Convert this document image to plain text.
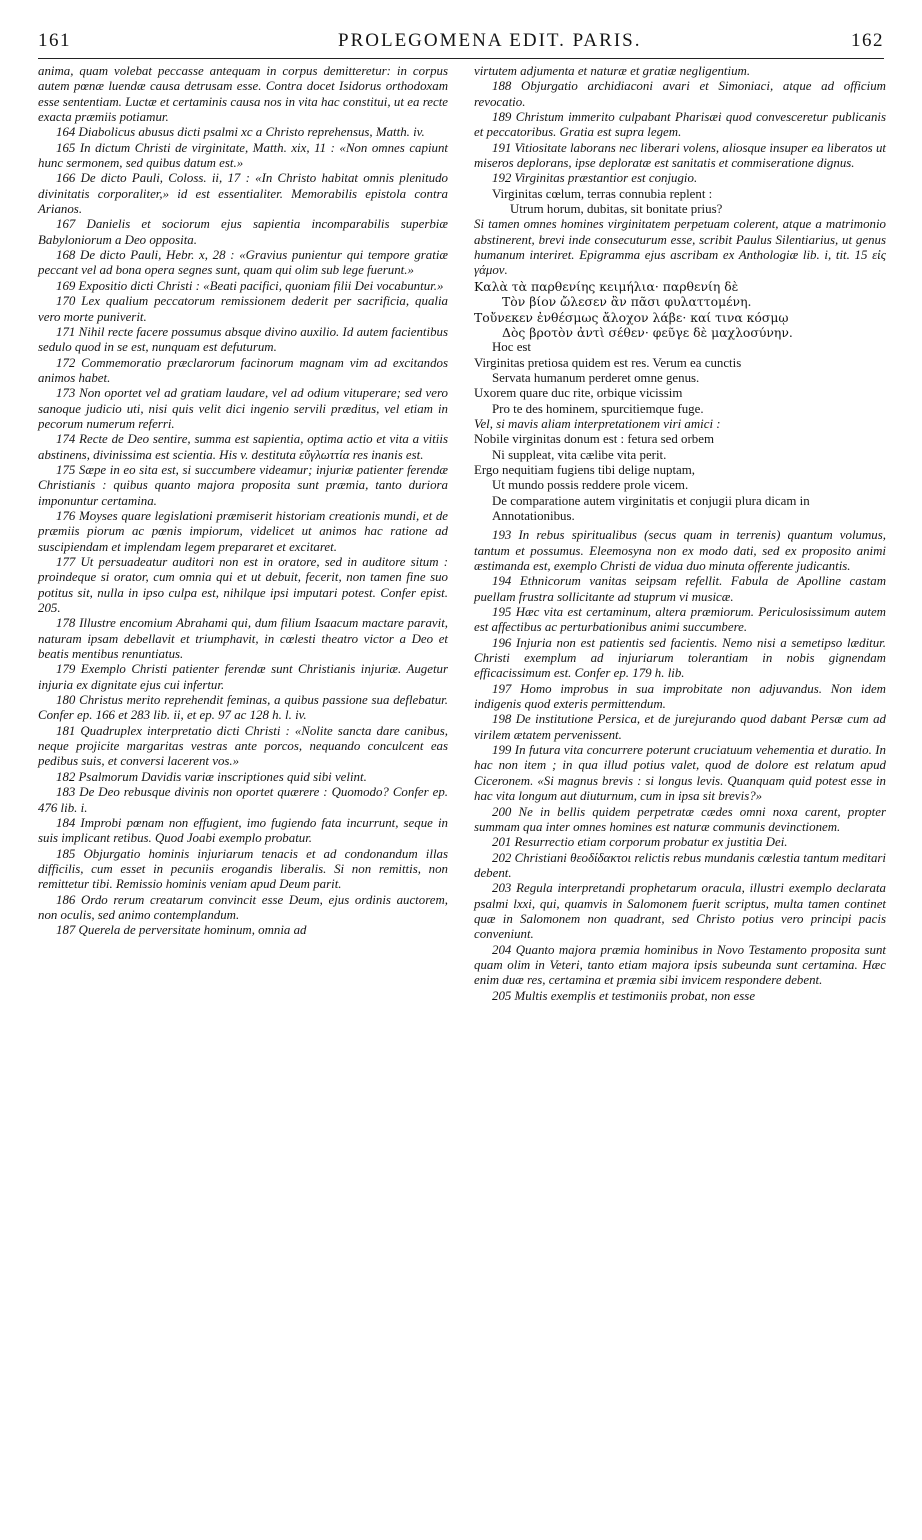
161	PROLEGOMENA EDIT. PARIS.	162

anima, quam volebat peccasse antequam in corpus demitteretur: in corpus autem pœnæ luendæ causa detrusam esse. Contra docet Isidorus orthodoxam esse sententiam. Luctæ et certaminis causa nos in vita hac constitui, ut ea recte exacta præmiis potiamur.

164 Diabolicus abusus dicti psalmi xc a Christo reprehensus, Matth. iv.

165 In dictum Christi de virginitate, Matth. xix, 11 : «Non omnes capiunt hunc sermonem, sed quibus datum est.»

166 De dicto Pauli, Coloss. ii, 17 : «In Christo habitat omnis plenitudo divinitatis corporaliter,» id est essentialiter. Memorabilis epistola contra Arianos.

167 Danielis et sociorum ejus sapientia incomparabilis superbiæ Babyloniorum a Deo opposita.

168 De dicto Pauli, Hebr. x, 28 : «Gravius punientur qui tempore gratiæ peccant vel ad bona opera segnes sunt, quam qui olim sub lege fuerunt.»

169 Expositio dicti Christi : «Beati pacifici, quoniam filii Dei vocabuntur.»

170 Lex qualium peccatorum remissionem dederit per sacrificia, qualia vero morte puniverit.

171 Nihil recte facere possumus absque divino auxilio. Id autem facientibus sedulo quod in se est, nunquam est defuturum.

172 Commemoratio præclarorum facinorum magnam vim ad excitandos animos habet.

173 Non oportet vel ad gratiam laudare, vel ad odium vituperare; sed vero sanoque judicio uti, nisi quis velit dici ingenio servili præditus, vel etiam in pecorum numerum referri.

174 Recte de Deo sentire, summa est sapientia, optima actio et vita a vitiis abstinens, divinissima est scientia. His v. destituta εὔγλωττία res inanis est.

175 Sæpe in eo sita est, si succumbere videamur; injuriæ patienter ferendæ Christianis : quibus quanto majora proposita sunt præmia, tanto duriora imponuntur certamina.

176 Moyses quare legislationi præmiserit historiam creationis mundi, et de præmiis piorum ac pœnis impiorum, videlicet ut animos hac ratione ad suscipiendam et implendam legem prepararet et excitaret.

177 Ut persuadeatur auditori non est in oratore, sed in auditore situm : proindeque si orator, cum omnia qui et ut debuit, fecerit, non tamen fine suo potitus sit, nulla in ipso culpa est, nihilque ipsi imputari potest. Confer epist. 205.

178 Illustre encomium Abrahami qui, dum filium Isaacum mactare paravit, naturam ipsam debellavit et triumphavit, in cœlesti theatro victor a Deo et beatis mentibus renuntiatus.

179 Exemplo Christi patienter ferendæ sunt Christianis injuriæ. Augetur injuria ex dignitate ejus cui infertur.

180 Christus merito reprehendit feminas, a quibus passione sua deflebatur. Confer ep. 166 et 283 lib. ii, et ep. 97 ac 128 h. l. iv.

181 Quadruplex interpretatio dicti Christi : «Nolite sancta dare canibus, neque projicite margaritas vestras ante porcos, nequando conculcent eas pedibus suis, et conversi lacerent vos.»

182 Psalmorum Davidis variæ inscriptiones quid sibi velint.

183 De Deo rebusque divinis non oportet quærere : Quomodo? Confer ep. 476 lib. i.

184 Improbi pœnam non effugient, imo fugiendo fata incurrunt, seque in suis implicant retibus. Quod Joabi exemplo probatur.

185 Objurgatio hominis injuriarum tenacis et ad condonandum illas difficilis, cum esset in pecuniis erogandis liberalis. Si non remittis, non remittetur tibi. Remissio hominis veniam apud Deum parit.

186 Ordo rerum creatarum convincit esse Deum, ejus ordinis auctorem, non oculis, sed animo contemplandum.

187 Querela de perversitate hominum, omnia ad

virtutem adjumenta et naturæ et gratiæ negligentium.

188 Objurgatio archidiaconi avari et Simoniaci, atque ad officium revocatio.

189 Christum immerito culpabant Pharisæi quod convesceretur publicanis et peccatoribus. Gratia est supra legem.

191 Vitiositate laborans nec liberari volens, aliosque insuper ea liberatos ut miseros deplorans, ipse deploratæ est sanitatis et commiserationе dignus.

192 Virginitas præstantior est conjugio.

Virginitas cœlum, terras connubia replent :

Utrum horum, dubitas, sit bonitate prius?

Si tamen omnes homines virginitatem perpetuam colerent, atque a matrimonio abstinerent, brevi inde consecuturum esse, scribit Paulus Silentiarius, ut genus humanum interiret. Epigramma ejus ascribam ex Anthologiæ lib. i, tit. 15 εἰς γάμον.

Καλὰ τὰ παρθενίης κειμήλια· παρθενίη δὲ

Τὸν βίον ὤλεσεν ἂν πᾶσι φυλαττομένη.

Τοὔνεκεν ἐνθέσμως ἄλοχον λάβε· καί τινα κόσμῳ

Δὸς βροτὸν ἀντὶ σέθεν· φεῦγε δὲ μαχλοσύνην.

Hoc est

Virginitas pretiosa quidem est res. Verum ea cunctis

Servata humanum perderet omne genus.

Uxorem quare duc rite, orbique vicissim

Pro te des hominem, spurcitiemque fuge.

Vel, si mavis aliam interpretationem viri amici :

Nobile virginitas donum est : fetura sed orbem

Ni suppleat, vita cælibe vita perit.

Ergo nequitiam fugiens tibi delige nuptam,

Ut mundo possis reddere prole vicem.

De comparatione autem virginitatis et conjugii plura dicam in Annotationibus.

193 In rebus spiritualibus (secus quam in terrenis) quantum volumus, tantum et possumus. Eleemosyna non ex modo dati, sed ex proposito animi æstimanda est, exemplo Christi de vidua duo minuta offerente judicantis.

194 Ethnicorum vanitas seipsam refellit. Fabula de Apolline castam puellam frustra sollicitante ad stuprum vi musicæ.

195 Hæc vita est certaminum, altera præmiorum. Periculosissimum autem est affectibus ac perturbationibus animi succumbere.

196 Injuria non est patientis sed facientis. Nemo nisi a semetipso læditur. Christi exemplum ad injuriarum tolerantiam in nobis gignendam efficacissimum est. Confer ep. 179 h. lib.

197 Homo improbus in sua improbitate non adjuvandus. Non idem indigenis quod exteris permittendum.

198 De institutione Persica, et de jurejurando quod dabant Persæ cum ad virilem ætatem pervenissent.

199 In futura vita concurrere poterunt cruciatuum vehementia et duratio. In hac non item ; in qua illud potius valet, quod de dolore est relatum apud Ciceronem. «Si magnus brevis : si longus levis. Quanquam quid potest esse in hac vita longum aut diuturnum, cum in ipsa sit brevis?»

200 Ne in bellis quidem perpetratæ cædes omni noxa carent, propter summam qua inter omnes homines est naturæ communis devinctionem.

201 Resurrectio etiam corporum probatur ex justitia Dei.

202 Christiani θεοδίδακτοι relictis rebus mundanis cœlestia tantum meditari debent.

203 Regula interpretandi prophetarum oracula, illustri exemplo declarata psalmi lxxi, qui, quamvis in Salomonem fuerit scriptus, multa tamen continet quæ in Salomonem non quadrant, sed Christo potius vero principi pacis conveniunt.

204 Quanto majora præmia hominibus in Novo Testamento proposita sunt quam olim in Veteri, tanto etiam majora ipsis subeunda sunt certamina. Hæc enim duæ res, certamina et præmia sibi invicem respondere debent.

205 Multis exemplis et testimoniis probat, non esse
